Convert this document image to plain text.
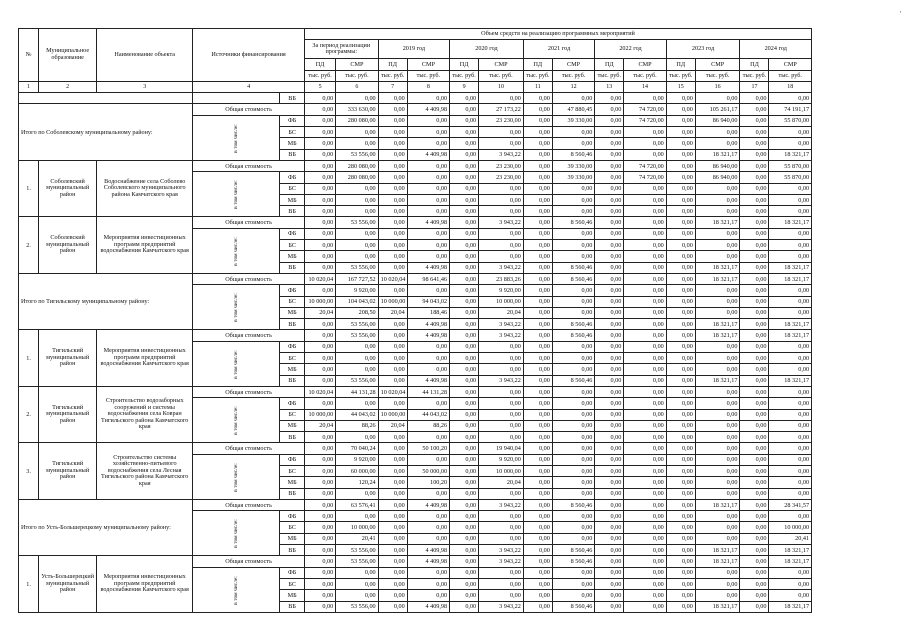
'
№	Муниципальное образование	Наименование объекта	Источники финансирования		Объем средств на реализацию программных мероприятий													
					За период реализации программы:		2019 год		2020 год		2021 год		2022 год		2023 год		2024 год	
					ПД	СМР	ПД	СМР	ПД	СМР	ПД	СМР	ПД	СМР	ПД	СМР	ПД	СМР
					тыс. руб.	тыс. руб.	тыс. руб.	тыс. руб.	тыс. руб.	тыс. руб.	тыс. руб.	тыс. руб.	тыс. руб.	тыс. руб.	тыс. руб.	тыс. руб.	тыс. руб.	тыс. руб.
1	2	3	4		5	6	7	8	9	10	11	12	13	14	15	16	17	18
				ВБ	0,00	0,00	0,00	0,00	0,00	0,00	0,00	0,00	0,00	0,00	0,00	0,00	0,00	0,00
Итого по Соболевскому муниципальному району:			Общая стоимость		0,00	333 630,00	0,00	4 409,98	0,00	27 173,22	0,00	47 880,45	0,00	74 720,00	0,00	105 261,17	0,00	74 191,17
			в том числе:	ФБ	0,00	280 080,00	0,00	0,00	0,00	23 230,00	0,00	39 330,00	0,00	74 720,00	0,00	86 940,00	0,00	55 870,00
				БС	0,00	0,00	0,00	0,00	0,00	0,00	0,00	0,00	0,00	0,00	0,00	0,00	0,00	0,00
				МБ	0,00	0,00	0,00	0,00	0,00	0,00	0,00	0,00	0,00	0,00	0,00	0,00	0,00	0,00
				ВБ	0,00	53 556,00	0,00	4 409,98	0,00	3 943,22	0,00	8 560,46	0,00	0,00	0,00	18 321,17	0,00	18 321,17
1.	Соболевский муниципальный район	Водоснабжение села Соболево Соболевского муниципального района Камчатского края	Общая стоимость		0,00	280 080,00	0,00	0,00	0,00	23 230,00	0,00	39 330,00	0,00	74 720,00	0,00	86 940,00	0,00	55 870,00
			в том числе:	ФБ	0,00	280 080,00	0,00	0,00	0,00	23 230,00	0,00	39 330,00	0,00	74 720,00	0,00	86 940,00	0,00	55 870,00
				БС	0,00	0,00	0,00	0,00	0,00	0,00	0,00	0,00	0,00	0,00	0,00	0,00	0,00	0,00
				МБ	0,00	0,00	0,00	0,00	0,00	0,00	0,00	0,00	0,00	0,00	0,00	0,00	0,00	0,00
				ВБ	0,00	0,00	0,00	0,00	0,00	0,00	0,00	0,00	0,00	0,00	0,00	0,00	0,00	0,00
2.	Соболевский муниципальный район	Мероприятия инвестиционных программ предприятий водоснабжения Камчатского края	Общая стоимость		0,00	53 556,00	0,00	4 409,98	0,00	3 943,22	0,00	8 560,46	0,00	0,00	0,00	18 321,17	0,00	18 321,17
			в том числе:	ФБ	0,00	0,00	0,00	0,00	0,00	0,00	0,00	0,00	0,00	0,00	0,00	0,00	0,00	0,00
				БС	0,00	0,00	0,00	0,00	0,00	0,00	0,00	0,00	0,00	0,00	0,00	0,00	0,00	0,00
				МБ	0,00	0,00	0,00	0,00	0,00	0,00	0,00	0,00	0,00	0,00	0,00	0,00	0,00	0,00
				ВБ	0,00	53 556,00	0,00	4 409,98	0,00	3 943,22	0,00	8 560,46	0,00	0,00	0,00	18 321,17	0,00	18 321,17
Итого по Тигильскому муниципальному району:			Общая стоимость		10 020,04	167 727,52	10 020,04	98 641,46	0,00	23 883,26	0,00	8 560,46	0,00	0,00	0,00	18 321,17	0,00	18 321,17
			в том числе:	ФБ	0,00	9 920,00	0,00	0,00	0,00	9 920,00	0,00	0,00	0,00	0,00	0,00	0,00	0,00	0,00
				БС	10 000,00	104 043,02	10 000,00	94 043,02	0,00	10 000,00	0,00	0,00	0,00	0,00	0,00	0,00	0,00	0,00
				МБ	20,04	208,50	20,04	188,46	0,00	20,04	0,00	0,00	0,00	0,00	0,00	0,00	0,00	0,00
				ВБ	0,00	53 556,00	0,00	4 409,98	0,00	3 943,22	0,00	8 560,46	0,00	0,00	0,00	18 321,17	0,00	18 321,17
1.	Тигильский муниципальный район	Мероприятия инвестиционных программ предприятий водоснабжения Камчатского края	Общая стоимость		0,00	53 556,00	0,00	4 409,98	0,00	3 943,22	0,00	8 560,46	0,00	0,00	0,00	18 321,17	0,00	18 321,17
			в том числе:	ФБ	0,00	0,00	0,00	0,00	0,00	0,00	0,00	0,00	0,00	0,00	0,00	0,00	0,00	0,00
				БС	0,00	0,00	0,00	0,00	0,00	0,00	0,00	0,00	0,00	0,00	0,00	0,00	0,00	0,00
				МБ	0,00	0,00	0,00	0,00	0,00	0,00	0,00	0,00	0,00	0,00	0,00	0,00	0,00	0,00
				ВБ	0,00	53 556,00	0,00	4 409,98	0,00	3 943,22	0,00	8 560,46	0,00	0,00	0,00	18 321,17	0,00	18 321,17
2.	Тигильский муниципальный район	Строительство водозаборных сооружений и системы водоснабжения села Ковран Тигильского района Камчатского края	Общая стоимость		10 020,04	44 131,28	10 020,04	44 131,28	0,00	0,00	0,00	0,00	0,00	0,00	0,00	0,00	0,00	0,00
			в том числе:	ФБ	0,00	0,00	0,00	0,00	0,00	0,00	0,00	0,00	0,00	0,00	0,00	0,00	0,00	0,00
				БС	10 000,00	44 043,02	10 000,00	44 043,02	0,00	0,00	0,00	0,00	0,00	0,00	0,00	0,00	0,00	0,00
				МБ	20,04	88,26	20,04	88,26	0,00	0,00	0,00	0,00	0,00	0,00	0,00	0,00	0,00	0,00
				ВБ	0,00	0,00	0,00	0,00	0,00	0,00	0,00	0,00	0,00	0,00	0,00	0,00	0,00	0,00
3.	Тигильский муниципальный район	Строительство системы хозяйственно-питьевого водоснабжения села Лесная Тигильского района Камчатского края	Общая стоимость		0,00	70 040,24	0,00	50 100,20	0,00	19 940,04	0,00	0,00	0,00	0,00	0,00	0,00	0,00	0,00
			в том числе:	ФБ	0,00	9 920,00	0,00	0,00	0,00	9 920,00	0,00	0,00	0,00	0,00	0,00	0,00	0,00	0,00
				БС	0,00	60 000,00	0,00	50 000,00	0,00	10 000,00	0,00	0,00	0,00	0,00	0,00	0,00	0,00	0,00
				МБ	0,00	120,24	0,00	100,20	0,00	20,04	0,00	0,00	0,00	0,00	0,00	0,00	0,00	0,00
				ВБ	0,00	0,00	0,00	0,00	0,00	0,00	0,00	0,00	0,00	0,00	0,00	0,00	0,00	0,00
Итого по Усть-Большерецкому муниципальному району:			Общая стоимость		0,00	63 576,41	0,00	4 409,98	0,00	3 943,22	0,00	8 560,46	0,00	0,00	0,00	18 321,17	0,00	28 341,57
			в том числе:	ФБ	0,00	0,00	0,00	0,00	0,00	0,00	0,00	0,00	0,00	0,00	0,00	0,00	0,00	0,00
				БС	0,00	10 000,00	0,00	0,00	0,00	0,00	0,00	0,00	0,00	0,00	0,00	0,00	0,00	10 000,00
				МБ	0,00	20,41	0,00	0,00	0,00	0,00	0,00	0,00	0,00	0,00	0,00	0,00	0,00	20,41
				ВБ	0,00	53 556,00	0,00	4 409,98	0,00	3 943,22	0,00	8 560,46	0,00	0,00	0,00	18 321,17	0,00	18 321,17
1.	Усть-Большерецкий муниципальный район	Мероприятия инвестиционных программ предприятий водоснабжения Камчатского края	Общая стоимость		0,00	53 556,00	0,00	4 409,98	0,00	3 943,22	0,00	8 560,46	0,00	0,00	0,00	18 321,17	0,00	18 321,17
			в том числе:	ФБ	0,00	0,00	0,00	0,00	0,00	0,00	0,00	0,00	0,00	0,00	0,00	0,00	0,00	0,00
				БС	0,00	0,00	0,00	0,00	0,00	0,00	0,00	0,00	0,00	0,00	0,00	0,00	0,00	0,00
				МБ	0,00	0,00	0,00	0,00	0,00	0,00	0,00	0,00	0,00	0,00	0,00	0,00	0,00	0,00
				ВБ	0,00	53 556,00	0,00	4 409,98	0,00	3 943,22	0,00	8 560,46	0,00	0,00	0,00	18 321,17	0,00	18 321,17
